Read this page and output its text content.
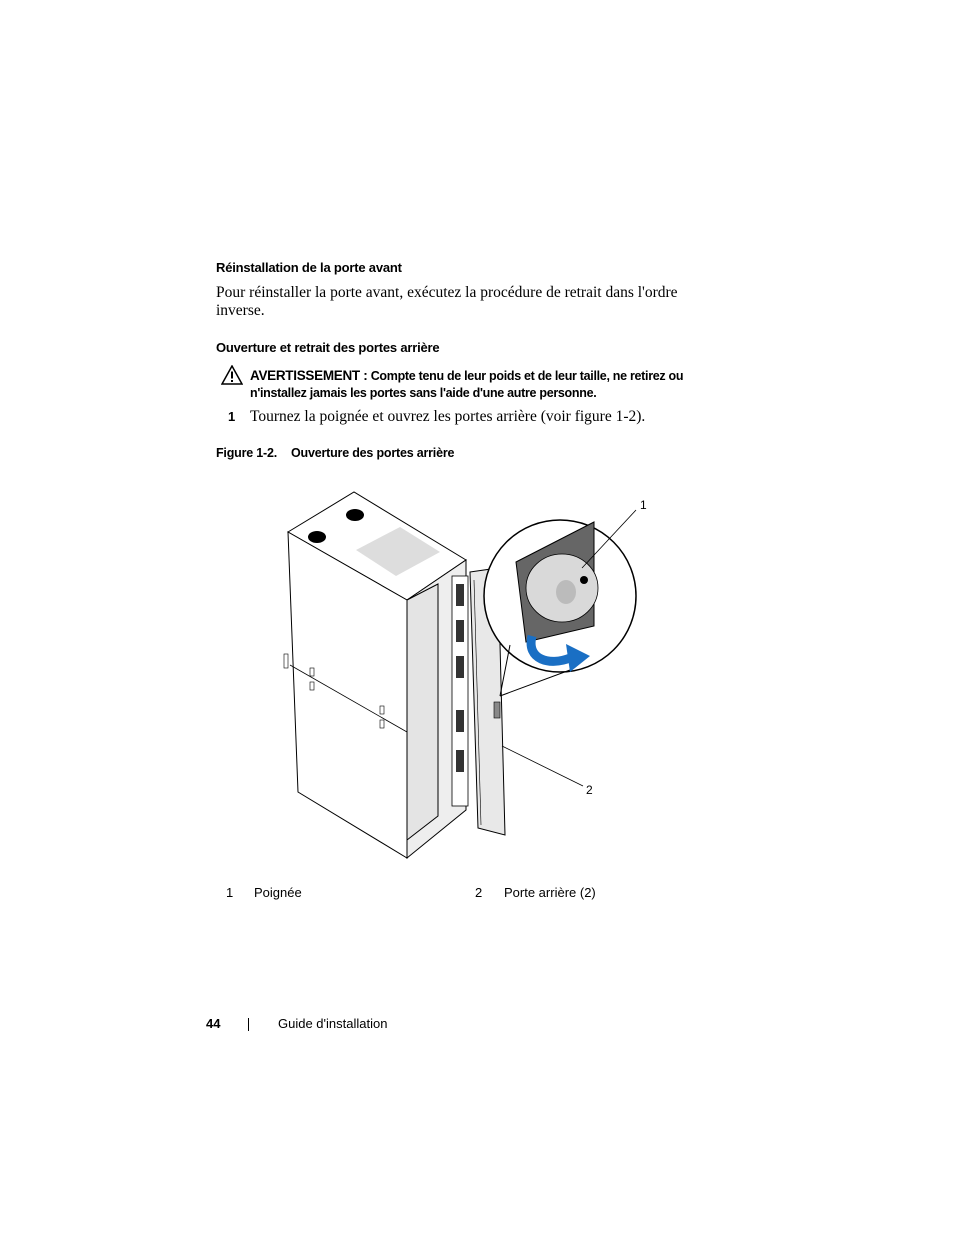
Réinstallation de la porte avant
Pour réinstaller la porte avant, exécutez la procédure de retrait dans l'ordre inverse.
Ouverture et retrait des portes arrière
AVERTISSEMENT : Compte tenu de leur poids et de leur taille, ne retirez ou n'installez jamais les portes sans l'aide d'une autre personne.
1 Tournez la poignée et ouvrez les portes arrière (voir figure 1-2).
Figure 1-2. Ouverture des portes arrière
1
2
1 Poignée	2 Porte arrière (2)
44	Guide d'installation
